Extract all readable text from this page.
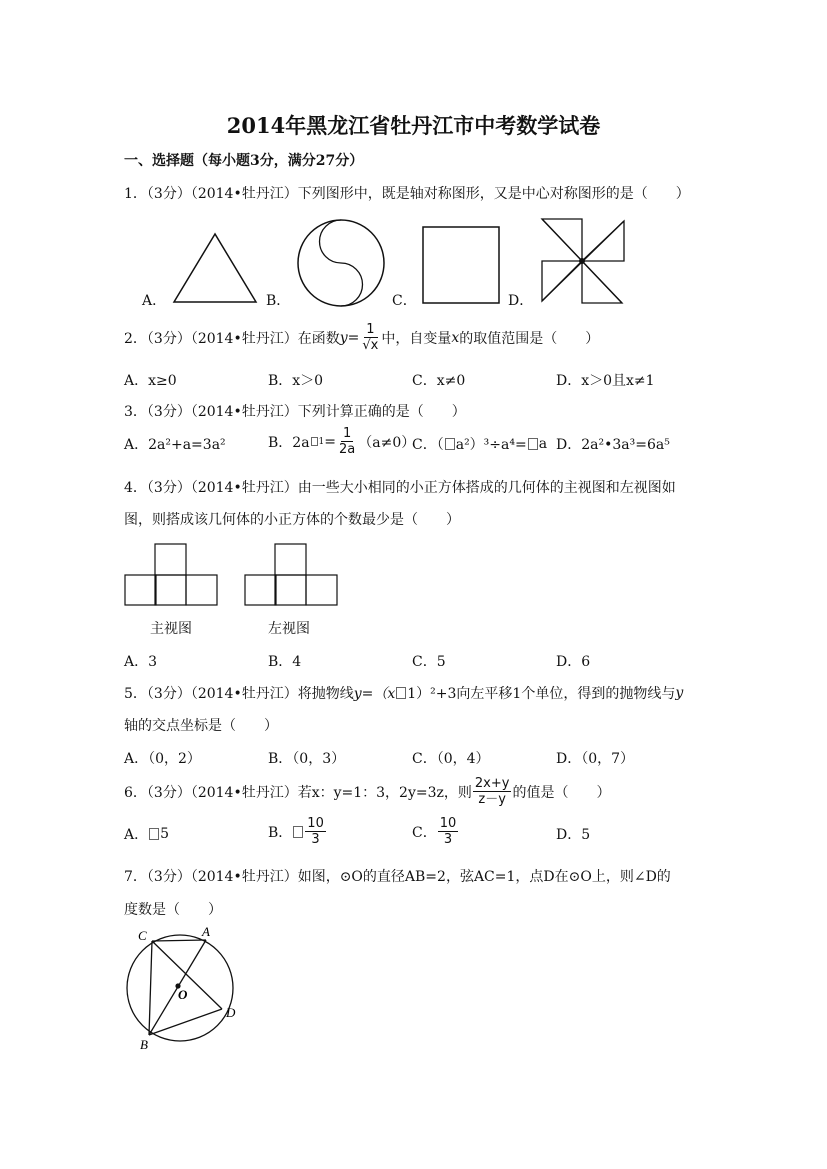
2014年黑龙江省牡丹江市中考数学试卷
一、选择题（每小题3分，满分27分）
1．（3分）（2014•牡丹江）下列图形中，既是轴对称图形，又是中心对称图形的是（　　）
A．	B．	C．	D．
2．（3分）（2014•牡丹江）在函数 $y= \frac{1}{√x}$ 中，自变量 x 的取值范围是（　　）
A．x≥0	B．x＞0	C．x≠0	D．x＞0且x≠1
3．（3分）（2014•牡丹江）下列计算正确的是（　　）
A．2a²+a=3a²	B．2a $1 = \frac{1}{2a} (a\ne 0)$
C．（ a²）³÷a⁴= a D．2a²•3a³=6a⁵
4．（3分）（2014•牡丹江）由一些大小相同的小正方体搭成的几何体的主视图和左视图如
图，则搭成该几何体的小正方体的个数最少是（　　）
主视图	左视图
A．3	B．4	C．5	D．6
5．（3分）（2014•牡丹江）将抛物线 y=（x 1）²+3向左平移1个单位，得到的抛物线与 y
轴的交点坐标是（　　）
A．（0，2）	B．（0，3）	C．（0，4）	D．（0，7）
6．（3分）（2014•牡丹江）若x：y=1：3，2y=3z，则 $\frac{2x+y}{z-y}$ 的值是（　　）
A． 5	B． $\frac{10}{3}$	C． $\frac{10}{3}$	D．5
7．（3分）（2014•牡丹江）如图，⊙O的直径AB=2，弦AC=1，点D在⊙O上，则∠D的
度数是（　　）
C	A
O
D
B
